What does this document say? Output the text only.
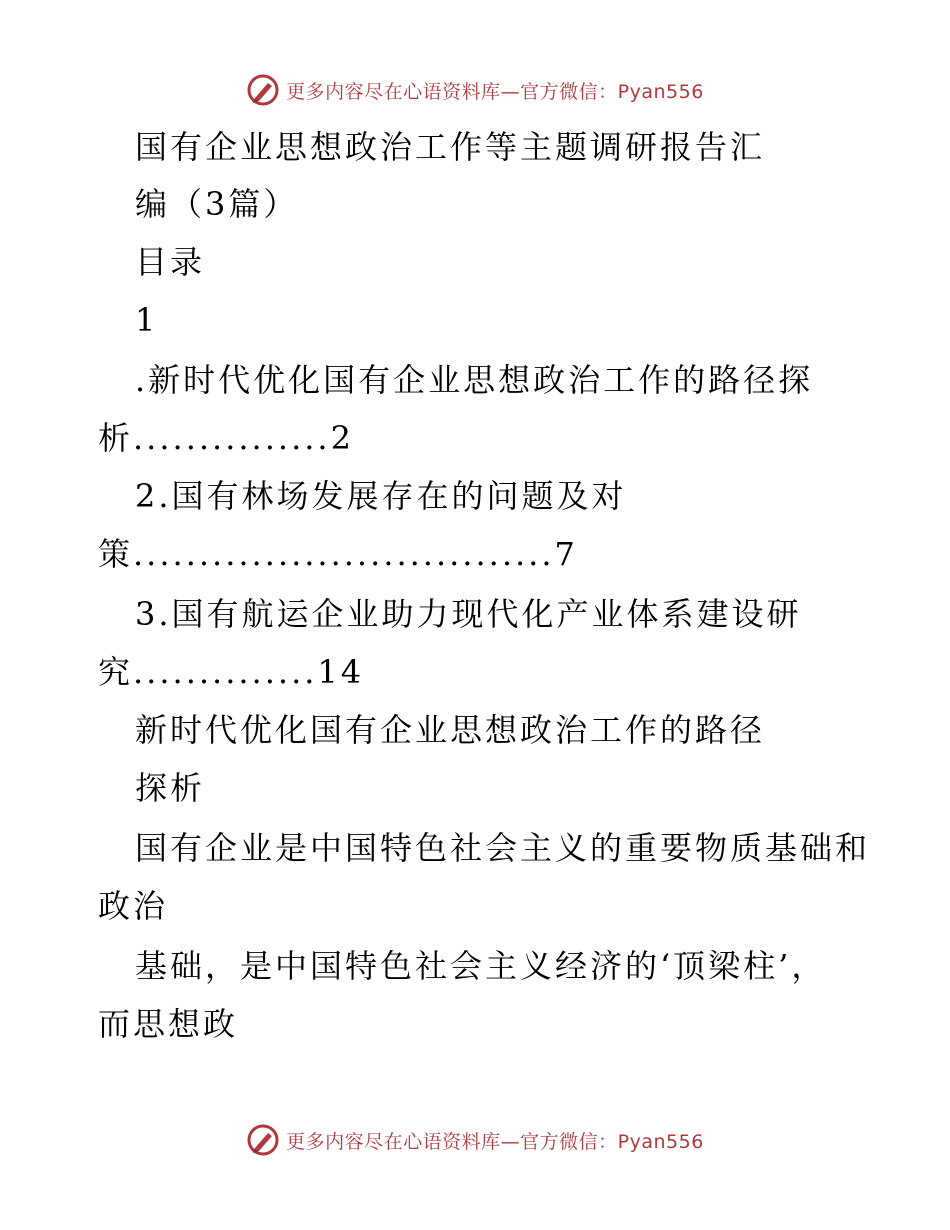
更多内容尽在心语资料库—官方微信：Pyan556
国有企业思想政治工作等主题调研报告汇
编（3篇）
目录
1
.新时代优化国有企业思想政治工作的路径探
析...............2
2.国有林场发展存在的问题及对
策................................7
3.国有航运企业助力现代化产业体系建设研
究..............14
新时代优化国有企业思想政治工作的路径
探析
国有企业是中国特色社会主义的重要物质基础和
政治
基础，是中国特色社会主义经济的‘顶梁柱’，
而思想政
更多内容尽在心语资料库—官方微信：Pyan556
